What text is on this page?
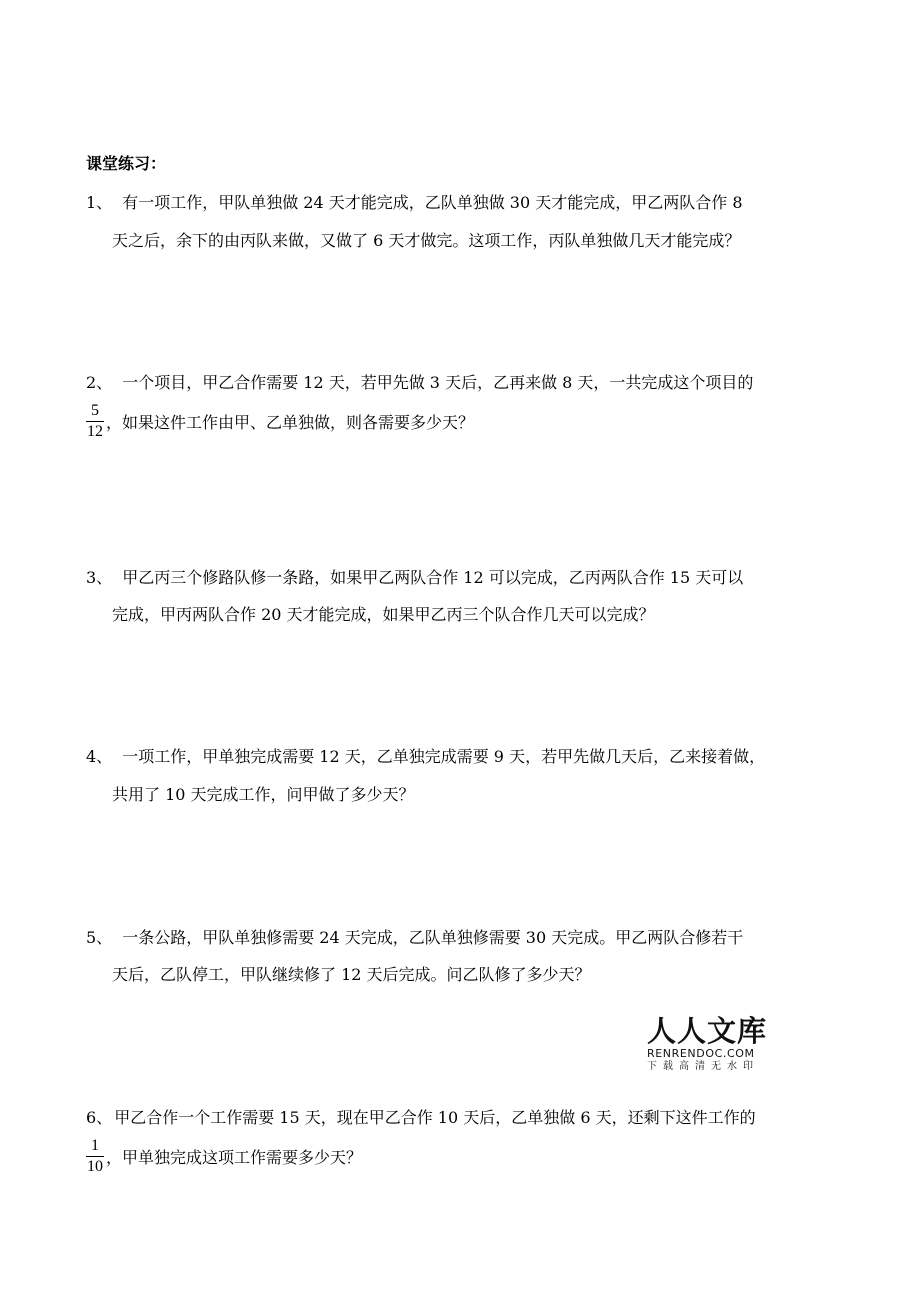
课堂练习：
1、 有一项工作，甲队单独做 24 天才能完成，乙队单独做 30 天才能完成，甲乙两队合作 8
天之后，余下的由丙队来做，又做了 6 天才做完。这项工作，丙队单独做几天才能完成？
2、 一个项目，甲乙合作需要 12 天，若甲先做 3 天后，乙再来做 8 天，一共完成这个项目的
$\frac{5}{12}$ ，如果这件工作由甲、乙单独做，则各需要多少天？
3、 甲乙丙三个修路队修一条路，如果甲乙两队合作 12 可以完成，乙丙两队合作 15 天可以
完成，甲丙两队合作 20 天才能完成，如果甲乙丙三个队合作几天可以完成？
4、 一项工作，甲单独完成需要 12 天，乙单独完成需要 9 天，若甲先做几天后，乙来接着做，
共用了 10 天完成工作，问甲做了多少天？
5、 一条公路，甲队单独修需要 24 天完成，乙队单独修需要 30 天完成。甲乙两队合修若干
天后，乙队停工，甲队继续修了 12 天后完成。问乙队修了多少天？
人人文库
RENRENDOC.COM
下载高清无水印
6、 甲乙合作一个工作需要 15 天，现在甲乙合作 10 天后，乙单独做 6 天，还剩下这件工作的
$\frac{1}{10}$ ，甲单独完成这项工作需要多少天？
